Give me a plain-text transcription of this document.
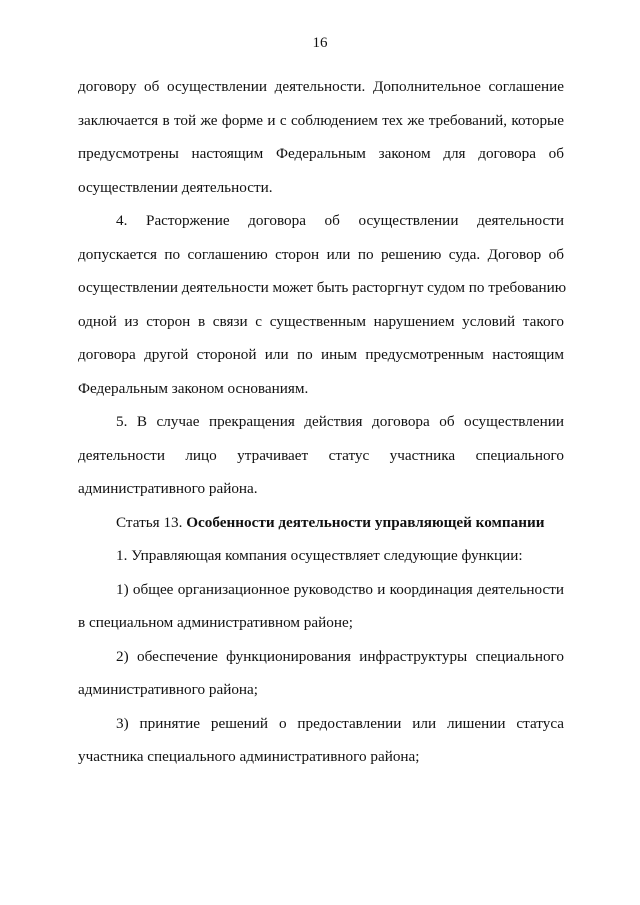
16
договору об осуществлении деятельности. Дополнительное соглашение
заключается в той же форме и с соблюдением тех же требований, которые
предусмотрены настоящим Федеральным законом для договора об
осуществлении деятельности.
4. Расторжение договора об осуществлении деятельности
допускается по соглашению сторон или по решению суда. Договор об
осуществлении деятельности может быть расторгнут судом по требованию
одной из сторон в связи с существенным нарушением условий такого
договора другой стороной или по иным предусмотренным настоящим
Федеральным законом основаниям.
5. В случае прекращения действия договора об осуществлении
деятельности лицо утрачивает статус участника специального
административного района.
Статья 13. Особенности деятельности управляющей компании
1. Управляющая компания осуществляет следующие функции:
1) общее организационное руководство и координация деятельности
в специальном административном районе;
2) обеспечение функционирования инфраструктуры специального
административного района;
3) принятие решений о предоставлении или лишении статуса
участника специального административного района;
